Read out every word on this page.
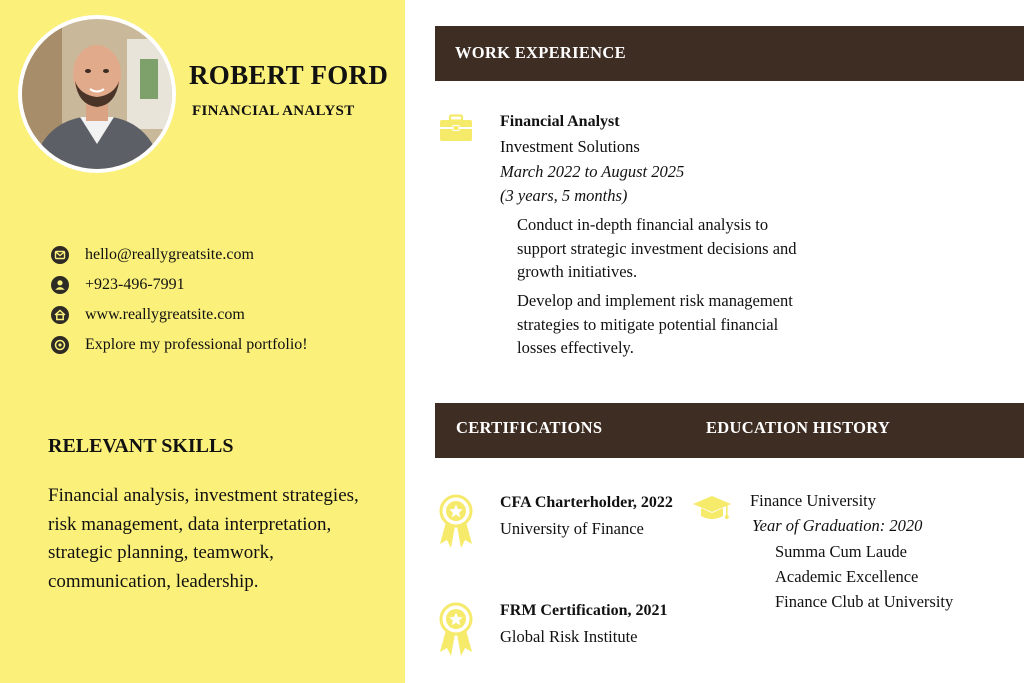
ROBERT FORD
FINANCIAL ANALYST
hello@reallygreatsite.com
+923-496-7991
www.reallygreatsite.com
Explore my professional portfolio!
RELEVANT SKILLS
Financial analysis, investment strategies, risk management, data interpretation, strategic planning, teamwork, communication, leadership.
WORK EXPERIENCE
Financial Analyst
Investment Solutions
March 2022 to August 2025
(3 years, 5 months)
Conduct in-depth financial analysis to support strategic investment decisions and growth initiatives.
Develop and implement risk management strategies to mitigate potential financial losses effectively.
CERTIFICATIONS	EDUCATION HISTORY
CFA Charterholder, 2022
University of Finance
FRM Certification, 2021
Global Risk Institute
Finance University
Year of Graduation: 2020
Summa Cum Laude
Academic Excellence
Finance Club at University
